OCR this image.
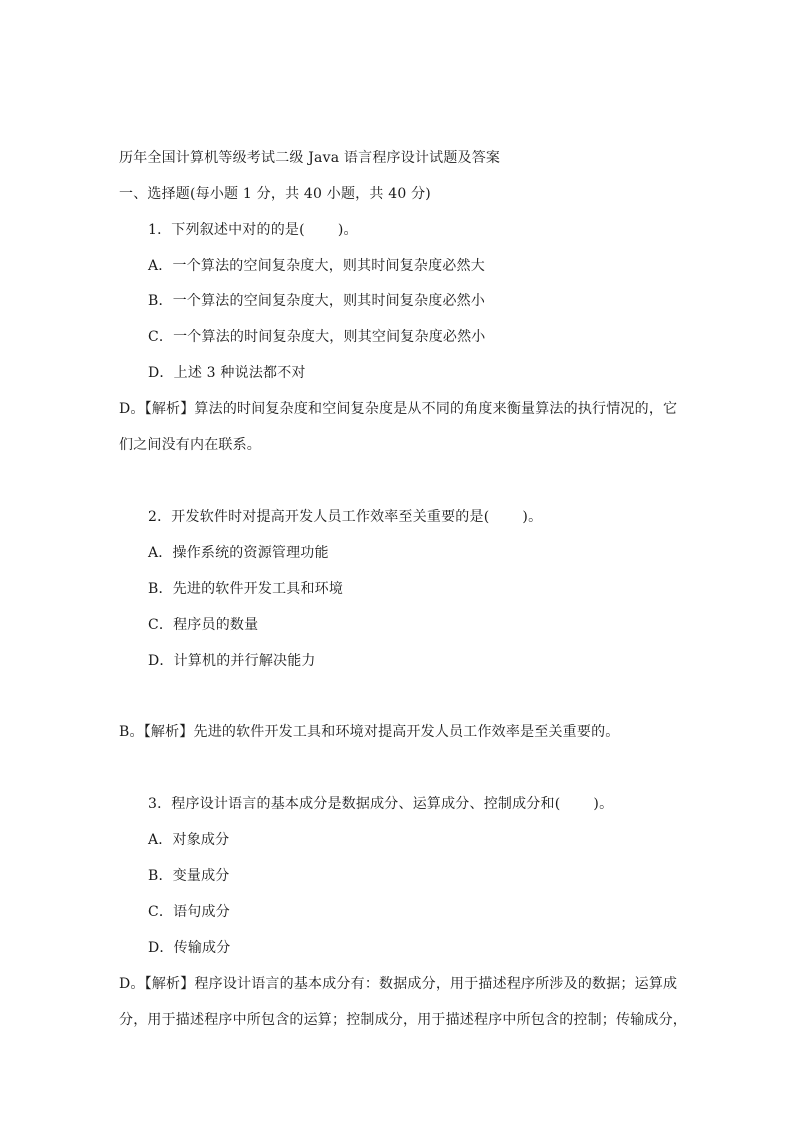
历年全国计算机等级考试二级 Java 语言程序设计试题及答案
一、选择题(每小题 1 分，共 40 小题，共 40 分)
1．下列叙述中对的的是(　　 )。
A．一个算法的空间复杂度大，则其时间复杂度必然大
B．一个算法的空间复杂度大，则其时间复杂度必然小
C．一个算法的时间复杂度大，则其空间复杂度必然小
D．上述 3 种说法都不对
D。【解析】算法的时间复杂度和空间复杂度是从不同的角度来衡量算法的执行情况的，它
们之间没有内在联系。
2．开发软件时对提高开发人员工作效率至关重要的是(　　 )。
A．操作系统的资源管理功能
B．先进的软件开发工具和环境
C．程序员的数量
D．计算机的并行解决能力
B。【解析】先进的软件开发工具和环境对提高开发人员工作效率是至关重要的。
3．程序设计语言的基本成分是数据成分、运算成分、控制成分和(　　 )。
A．对象成分
B．变量成分
C．语句成分
D．传输成分
D。【解析】程序设计语言的基本成分有：数据成分，用于描述程序所涉及的数据；运算成
分，用于描述程序中所包含的运算；控制成分，用于描述程序中所包含的控制；传输成分，
